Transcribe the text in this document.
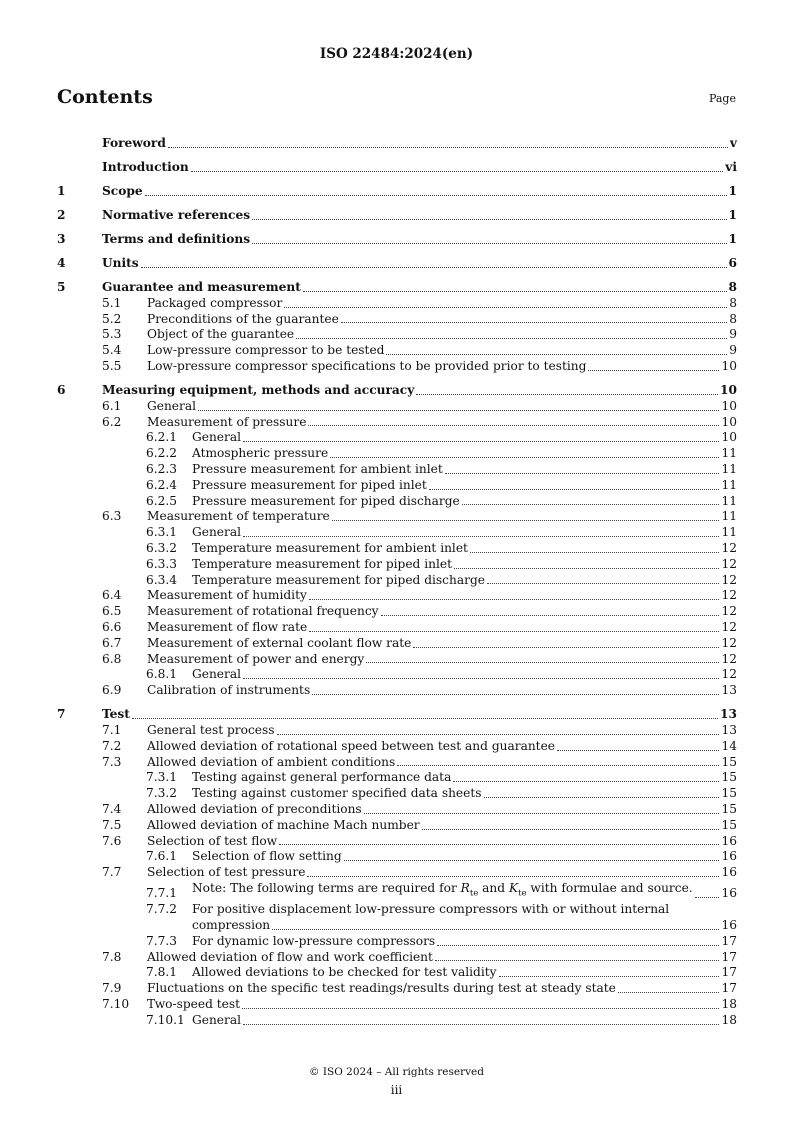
ISO 22484:2024(en)
Contents	Page
Foreword	v
Introduction	vi
1	Scope	1
2	Normative references	1
3	Terms and definitions	1
4	Units	6
5	Guarantee and measurement	8
5.1	Packaged compressor	8
5.2	Preconditions of the guarantee	8
5.3	Object of the guarantee	9
5.4	Low-pressure compressor to be tested	9
5.5	Low-pressure compressor specifications to be provided prior to testing	10
6	Measuring equipment, methods and accuracy	10
6.1	General	10
6.2	Measurement of pressure	10
6.2.1	General	10
6.2.2	Atmospheric pressure	11
6.2.3	Pressure measurement for ambient inlet	11
6.2.4	Pressure measurement for piped inlet	11
6.2.5	Pressure measurement for piped discharge	11
6.3	Measurement of temperature	11
6.3.1	General	11
6.3.2	Temperature measurement for ambient inlet	12
6.3.3	Temperature measurement for piped inlet	12
6.3.4	Temperature measurement for piped discharge	12
6.4	Measurement of humidity	12
6.5	Measurement of rotational frequency	12
6.6	Measurement of flow rate	12
6.7	Measurement of external coolant flow rate	12
6.8	Measurement of power and energy	12
6.8.1	General	12
6.9	Calibration of instruments	13
7	Test	13
7.1	General test process	13
7.2	Allowed deviation of rotational speed between test and guarantee	14
7.3	Allowed deviation of ambient conditions	15
7.3.1	Testing against general performance data	15
7.3.2	Testing against customer specified data sheets	15
7.4	Allowed deviation of preconditions	15
7.5	Allowed deviation of machine Mach number	15
7.6	Selection of test flow	16
7.6.1	Selection of flow setting	16
7.7	Selection of test pressure	16
7.7.1	Note: The following terms are required for $R_{te}$ and $K_{te}$ with formulae and source. 16
7.7.2	For positive displacement low-pressure compressors with or without internal
compression	16
7.7.3	For dynamic low-pressure compressors	17
7.8	Allowed deviation of flow and work coefficient	17
7.8.1	Allowed deviations to be checked for test validity	17
7.9	Fluctuations on the specific test readings/results during test at steady state	17
7.10	Two-speed test	18
7.10.1 General	18
© ISO 2024 – All rights reserved
iii
